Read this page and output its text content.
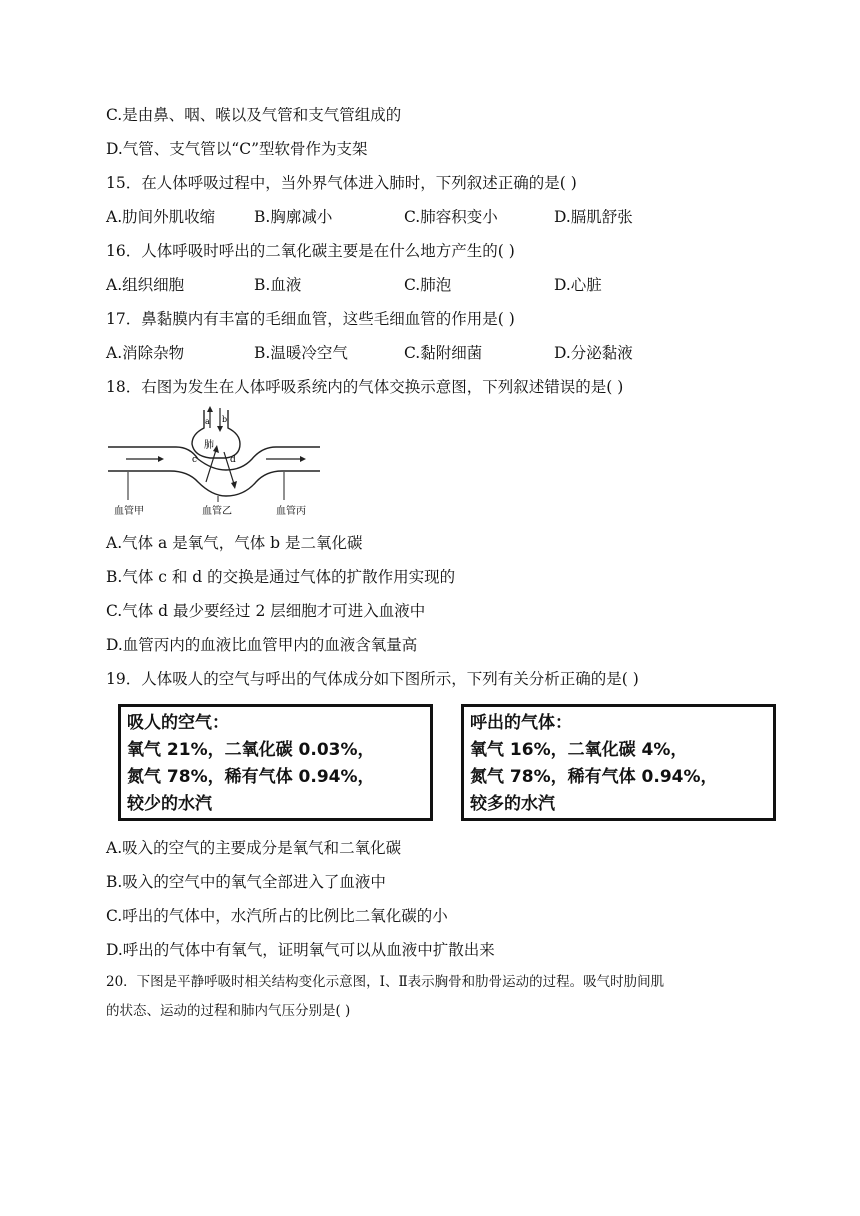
C.是由鼻、咽、喉以及气管和支气管组成的
D.气管、支气管以“C”型软骨作为支架
15．在人体呼吸过程中，当外界气体进入肺时，下列叙述正确的是( )
A.肋间外肌收缩	B.胸廓减小	C.肺容积变小	D.膈肌舒张
16．人体呼吸时呼出的二氧化碳主要是在什么地方产生的( )
A.组织细胞	B.血液	C.肺泡	D.心脏
17．鼻黏膜内有丰富的毛细血管，这些毛细血管的作用是( )
A.消除杂物	B.温暖冷空气	C.黏附细菌	D.分泌黏液
18．右图为发生在人体呼吸系统内的气体交换示意图，下列叙述错误的是( )
a b
肺
c	d
血管甲	血管乙	血管丙
A.气体 a 是氧气，气体 b 是二氧化碳
B.气体 c 和 d 的交换是通过气体的扩散作用实现的
C.气体 d 最少要经过 2 层细胞才可进入血液中
D.血管丙内的血液比血管甲内的血液含氧量高
19．人体吸人的空气与呼出的气体成分如下图所示，下列有关分析正确的是( )
吸人的空气：
氧气 21%，二氧化碳 0.03%，
氮气 78%，稀有气体 0.94%，
较少的水汽
呼出的气体：
氧气 16%，二氧化碳 4%，
氮气 78%，稀有气体 0.94%，
较多的水汽
A.吸入的空气的主要成分是氧气和二氧化碳
B.吸入的空气中的氧气全部进入了血液中
C.呼出的气体中，水汽所占的比例比二氧化碳的小
D.呼出的气体中有氧气，证明氧气可以从血液中扩散出来
20．下图是平静呼吸时相关结构变化示意图，Ⅰ、Ⅱ表示胸骨和肋骨运动的过程。吸气时肋间肌
的状态、运动的过程和肺内气压分别是( )
